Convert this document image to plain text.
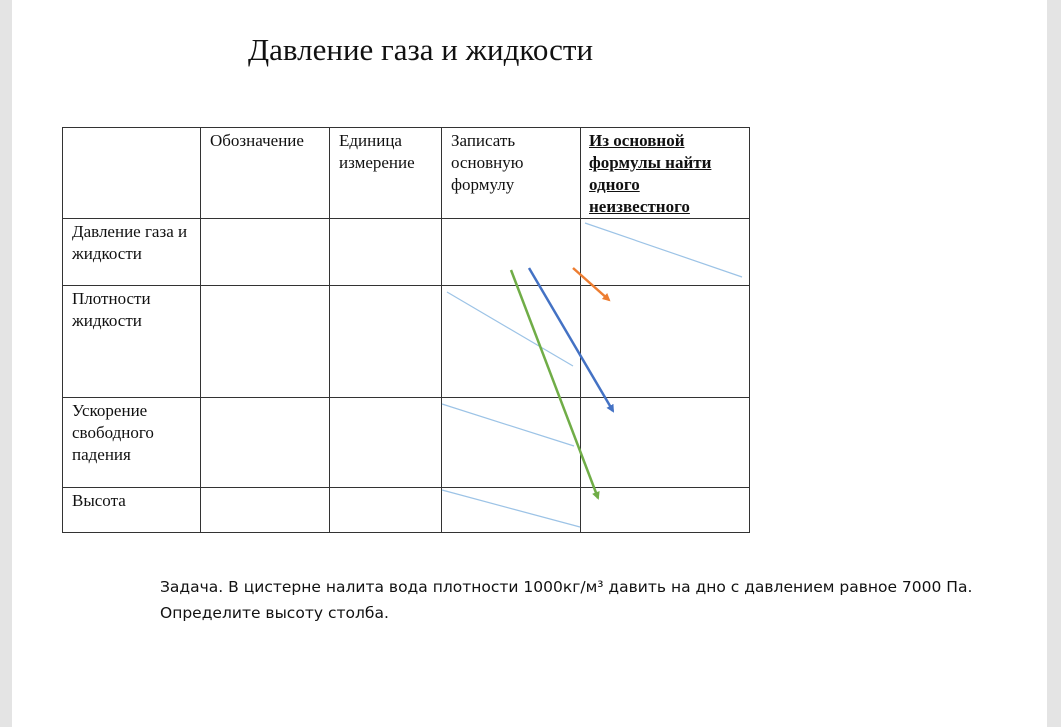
Давление газа и жидкости
	Обозначение	Единица измерение	Записать основную формулу	Из основной формулы найти одного неизвестного
Давление газа и жидкости				
Плотности жидкости				
Ускорение свободного падения				
Высота				

Задача. В цистерне налита вода плотности 1000кг/м³ давить на дно с давлением равное 7000 Па.

Определите высоту столба.
